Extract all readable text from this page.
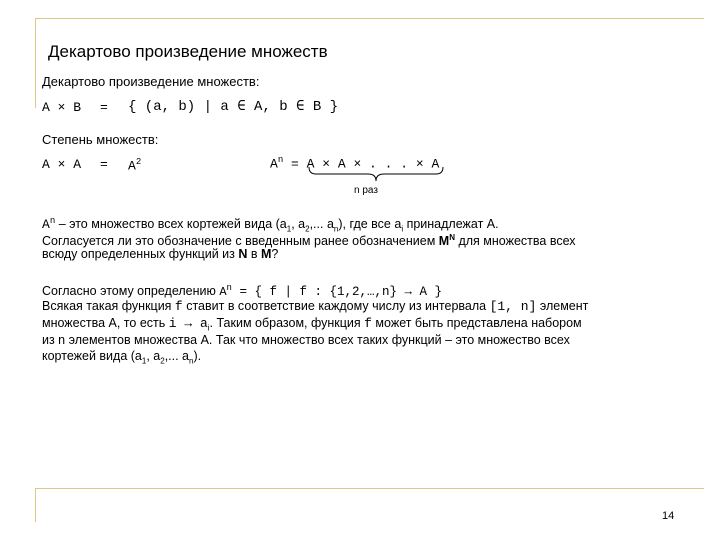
Декартово произведение множеств
Декартово произведение множеств:
A × B = { (a, b) | a ∈ A, b ∈ B }
Степень множеств:
$A \times A = A^2$	$A^n = A \times A$ × . . . × A
n раз
$A^n$ – это множество всех кортежей вида ($a_1$, $a_2$,... $a_n$), где все $a_i$ принадлежат A.
Согласуется ли это обозначение с введенным ранее обозначением $M^N$ для множества всех
всюду определенных функций из N в M?
Согласно этому определению $A^n$ = { f | f : {1,2,…,n} → A }
Всякая такая функция f ставит в соответствие каждому числу из интервала [1, n] элемент
множества A, то есть $i \to a_i$. Таким образом, функция f может быть представлена набором
из n элементов множества A. Так что множество всех таких функций – это множество всех
кортежей вида ($a_1$, $a_2$,... $a_n$).
14
